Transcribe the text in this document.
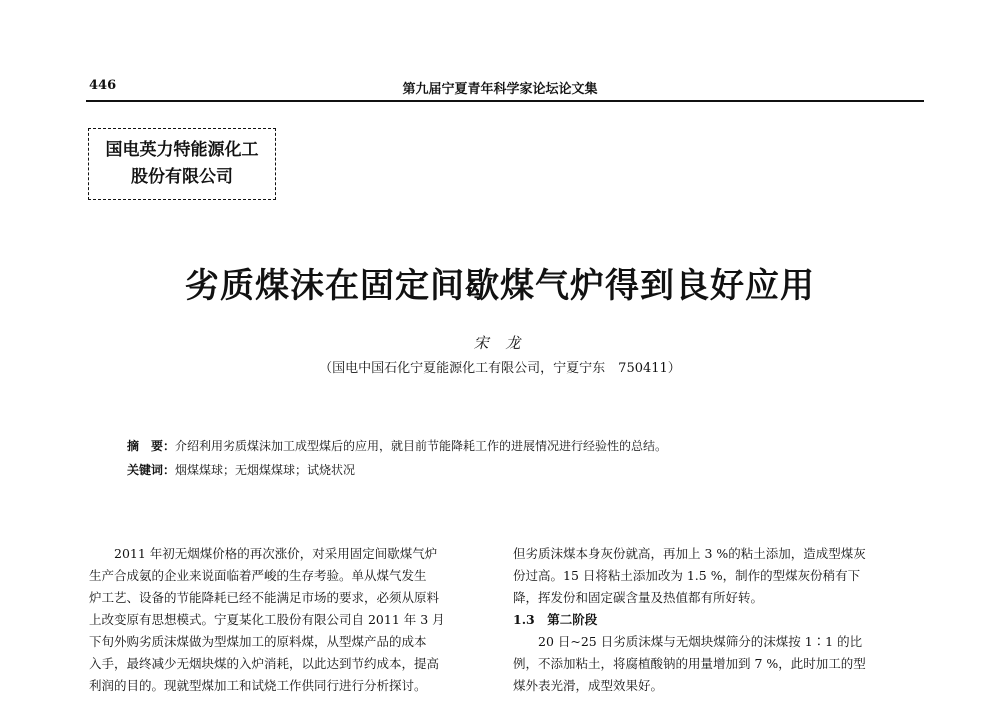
446	第九届宁夏青年科学家论坛论文集
国电英力特能源化工
股份有限公司
劣质煤沫在固定间歇煤气炉得到良好应用
宋 龙
（国电中国石化宁夏能源化工有限公司，宁夏宁东　750411）
摘　要：介绍利用劣质煤沫加工成型煤后的应用，就目前节能降耗工作的进展情况进行经验性的总结。
关键词：烟煤煤球；无烟煤煤球；试烧状况
2011 年初无烟煤价格的再次涨价，对采用固定间歇煤气炉
生产合成氨的企业来说面临着严峻的生存考验。单从煤气发生
炉工艺、设备的节能降耗已经不能满足市场的要求，必须从原料
上改变原有思想模式。宁夏某化工股份有限公司自 2011 年 3 月
下旬外购劣质沫煤做为型煤加工的原料煤，从型煤产品的成本
入手，最终减少无烟块煤的入炉消耗，以此达到节约成本，提高
利润的目的。现就型煤加工和试烧工作供同行进行分析探讨。
但劣质沫煤本身灰份就高，再加上 3 %的粘土添加，造成型煤灰
份过高。15 日将粘土添加改为 1.5 %，制作的型煤灰份稍有下
降，挥发份和固定碳含量及热值都有所好转。
1.3　第二阶段
20 日~25 日劣质沫煤与无烟块煤筛分的沫煤按 1∶1 的比
例，不添加粘土，将腐植酸钠的用量增加到 7 %，此时加工的型
煤外表光滑，成型效果好。
